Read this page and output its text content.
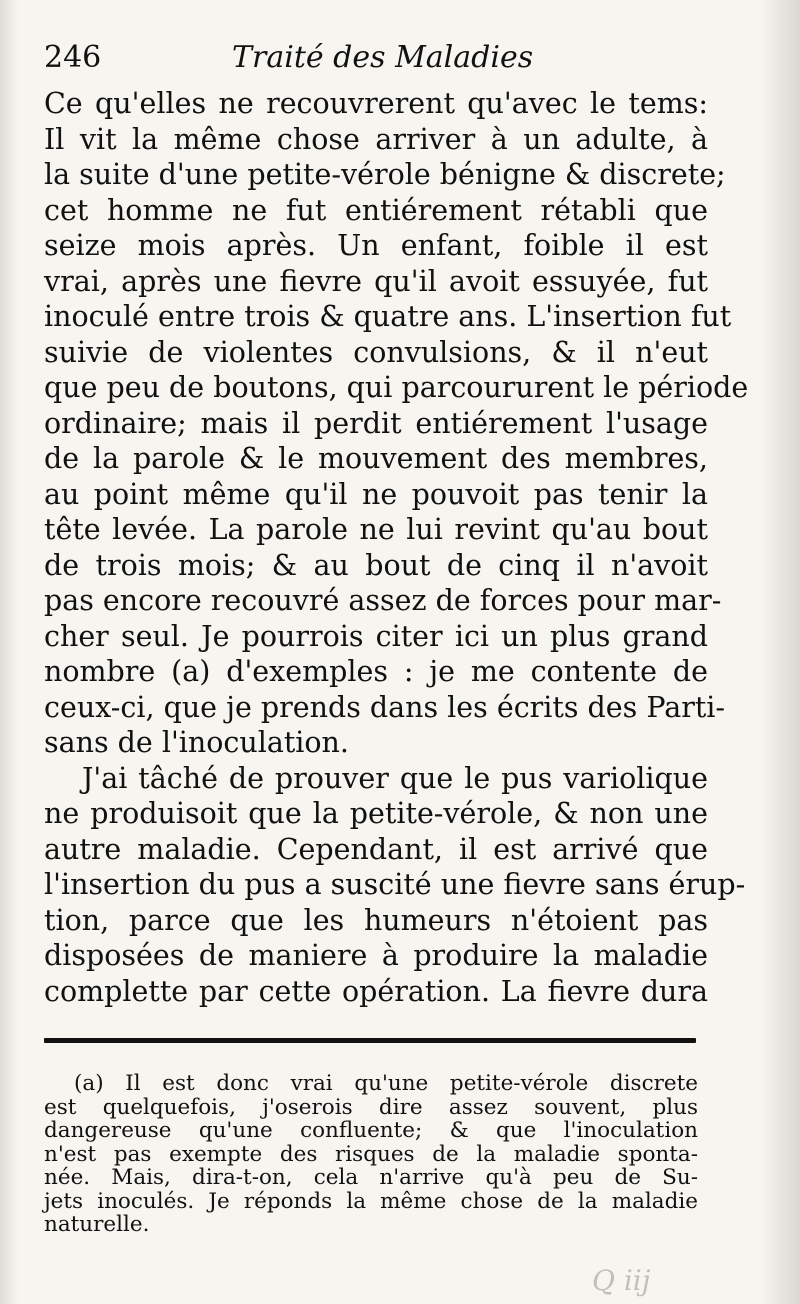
246	Traité des Maladies
Ce qu'elles ne recouvrerent qu'avec le tems:
Il vit la même chose arriver à un adulte, à
la suite d'une petite-vérole bénigne & discrete;
cet homme ne fut entiérement rétabli que
seize mois après. Un enfant, foible il est
vrai, après une fievre qu'il avoit essuyée, fut
inoculé entre trois & quatre ans. L'insertion fut
suivie de violentes convulsions, & il n'eut
que peu de boutons, qui parcoururent le période
ordinaire; mais il perdit entiérement l'usage
de la parole & le mouvement des membres,
au point même qu'il ne pouvoit pas tenir la
tête levée. La parole ne lui revint qu'au bout
de trois mois; & au bout de cinq il n'avoit
pas encore recouvré assez de forces pour mar-
cher seul. Je pourrois citer ici un plus grand
nombre (a) d'exemples : je me contente de
ceux-ci, que je prends dans les écrits des Parti-
sans de l'inoculation.
J'ai tâché de prouver que le pus variolique
ne produisoit que la petite-vérole, & non une
autre maladie. Cependant, il est arrivé que
l'insertion du pus a suscité une fievre sans érup-
tion, parce que les humeurs n'étoient pas
disposées de maniere à produire la maladie
complette par cette opération. La fievre dura
(a) Il est donc vrai qu'une petite-vérole discrete
est quelquefois, j'oserois dire assez souvent, plus
dangereuse qu'une confluente; & que l'inoculation
n'est pas exempte des risques de la maladie sponta-
née. Mais, dira-t-on, cela n'arrive qu'à peu de Su-
jets inoculés. Je réponds la même chose de la maladie
naturelle.
Q iij
